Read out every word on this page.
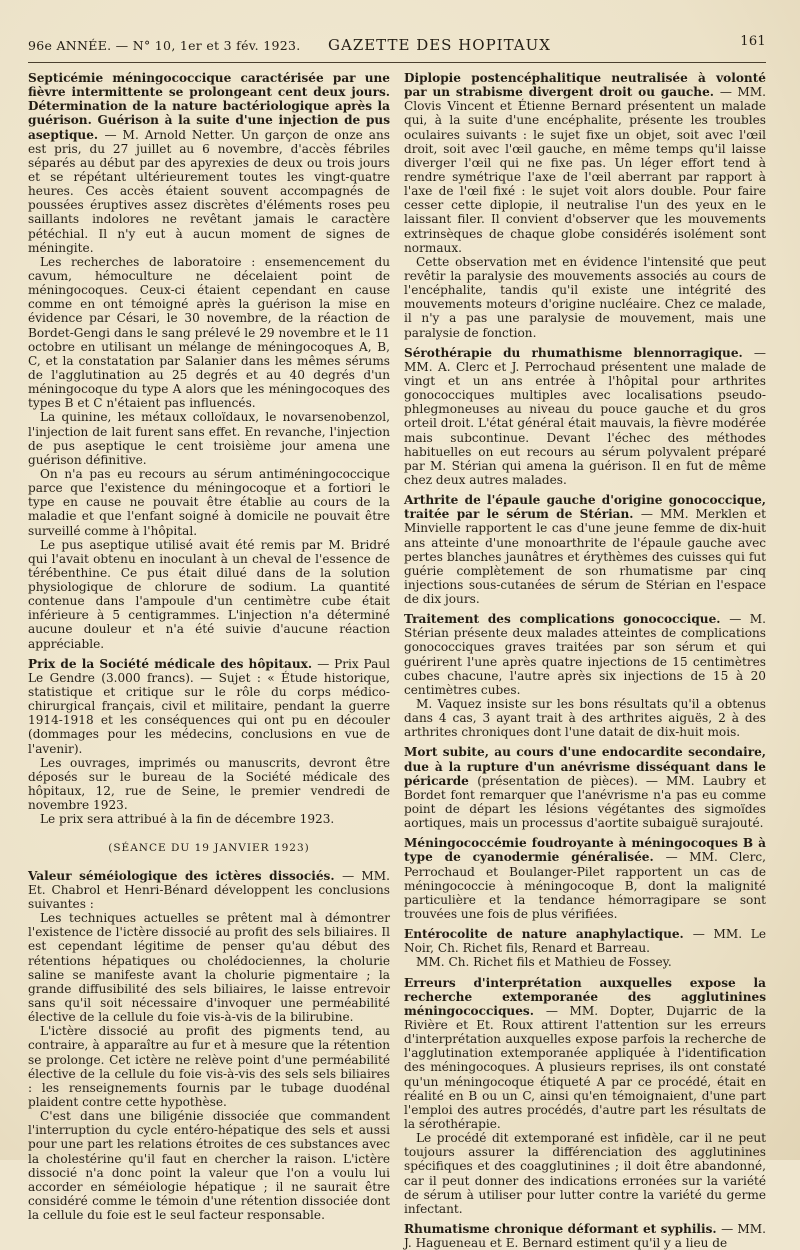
96e ANNÉE. — N° 10, 1er et 3 fév. 1923. GAZETTE DES HOPITAUX	161

Septicémie méningococcique caractérisée par une fièvre intermittente se prolongeant cent deux jours. Détermination de la nature bactériologique après la guérison. Guérison à la suite d'une injection de pus aseptique. — M. Arnold Netter. Un garçon de onze ans est pris, du 27 juillet au 6 novembre, d'accès fébriles séparés au début par des apyrexies de deux ou trois jours et se répétant ultérieurement toutes les vingt-quatre heures. Ces accès étaient souvent accompagnés de poussées éruptives assez discrètes d'éléments roses peu saillants indolores ne revêtant jamais le caractère pétéchial. Il n'y eut à aucun moment de signes de méningite.

Les recherches de laboratoire : ensemencement du cavum, hémoculture ne décelaient point de méningocoques. Ceux-ci étaient cependant en cause comme en ont témoigné après la guérison la mise en évidence par Césari, le 30 novembre, de la réaction de Bordet-Gengi dans le sang prélevé le 29 novembre et le 11 octobre en utilisant un mélange de méningocoques A, B, C, et la constatation par Salanier dans les mêmes sérums de l'agglutination au 25 degrés et au 40 degrés d'un méningocoque du type A alors que les méningocoques des types B et C n'étaient pas influencés.

La quinine, les métaux colloïdaux, le novarsenobenzol, l'injection de lait furent sans effet. En revanche, l'injection de pus aseptique le cent troisième jour amena une guérison définitive.

On n'a pas eu recours au sérum antiméningococcique parce que l'existence du méningocoque et a fortiori le type en cause ne pouvait être établie au cours de la maladie et que l'enfant soigné à domicile ne pouvait être surveillé comme à l'hôpital.

Le pus aseptique utilisé avait été remis par M. Bridré qui l'avait obtenu en inoculant à un cheval de l'essence de térébenthine. Ce pus était dilué dans de la solution physiologique de chlorure de sodium. La quantité contenue dans l'ampoule d'un centimètre cube était inférieure à 5 centigrammes. L'injection n'a déterminé aucune douleur et n'a été suivie d'aucune réaction appréciable.

Prix de la Société médicale des hôpitaux. — Prix Paul Le Gendre (3.000 francs). — Sujet : « Étude historique, statistique et critique sur le rôle du corps médico-chirurgical français, civil et militaire, pendant la guerre 1914-1918 et les conséquences qui ont pu en découler (dommages pour les médecins, conclusions en vue de l'avenir).

Les ouvrages, imprimés ou manuscrits, devront être déposés sur le bureau de la Société médicale des hôpitaux, 12, rue de Seine, le premier vendredi de novembre 1923.

Le prix sera attribué à la fin de décembre 1923.

(SÉANCE DU 19 JANVIER 1923)

Valeur séméiologique des ictères dissociés. — MM. Et. Chabrol et Henri-Bénard développent les conclusions suivantes :

Les techniques actuelles se prêtent mal à démontrer l'existence de l'ictère dissocié au profit des sels biliaires. Il est cependant légitime de penser qu'au début des rétentions hépatiques ou cholédociennes, la cholurie saline se manifeste avant la cholurie pigmentaire ; la grande diffusibilité des sels biliaires, le laisse entrevoir sans qu'il soit nécessaire d'invoquer une perméabilité élective de la cellule du foie vis-à-vis de la bilirubine.

L'ictère dissocié au profit des pigments tend, au contraire, à apparaître au fur et à mesure que la rétention se prolonge. Cet ictère ne relève point d'une perméabilité élective de la cellule du foie vis-à-vis des sels sels biliaires : les renseignements fournis par le tubage duodénal plaident contre cette hypothèse.

C'est dans une biligénie dissociée que commandent l'interruption du cycle entéro-hépatique des sels et aussi pour une part les relations étroites de ces substances avec la cholestérine qu'il faut en chercher la raison. L'ictère dissocié n'a donc point la valeur que l'on a voulu lui accorder en séméiologie hépatique ; il ne saurait être considéré comme le témoin d'une rétention dissociée dont la cellule du foie est le seul facteur responsable.

Diplopie postencéphalitique neutralisée à volonté par un strabisme divergent droit ou gauche. — MM. Clovis Vincent et Étienne Bernard présentent un malade qui, à la suite d'une encéphalite, présente les troubles oculaires suivants : le sujet fixe un objet, soit avec l'œil droit, soit avec l'œil gauche, en même temps qu'il laisse diverger l'œil qui ne fixe pas. Un léger effort tend à rendre symétrique l'axe de l'œil aberrant par rapport à l'axe de l'œil fixé : le sujet voit alors double. Pour faire cesser cette diplopie, il neutralise l'un des yeux en le laissant filer. Il convient d'observer que les mouvements extrinsèques de chaque globe considérés isolément sont normaux.

Cette observation met en évidence l'intensité que peut revêtir la paralysie des mouvements associés au cours de l'encéphalite, tandis qu'il existe une intégrité des mouvements moteurs d'origine nucléaire. Chez ce malade, il n'y a pas une paralysie de mouvement, mais une paralysie de fonction.

Sérothérapie du rhumathisme blennorragique. — MM. A. Clerc et J. Perrochaud présentent une malade de vingt et un ans entrée à l'hôpital pour arthrites gonococciques multiples avec localisations pseudo-phlegmoneuses au niveau du pouce gauche et du gros orteil droit. L'état général était mauvais, la fièvre modérée mais subcontinue. Devant l'échec des méthodes habituelles on eut recours au sérum polyvalent préparé par M. Stérian qui amena la guérison. Il en fut de même chez deux autres malades.

Arthrite de l'épaule gauche d'origine gonococcique, traitée par le sérum de Stérian. — MM. Merklen et Minvielle rapportent le cas d'une jeune femme de dix-huit ans atteinte d'une monoarthrite de l'épaule gauche avec pertes blanches jaunâtres et érythèmes des cuisses qui fut guérie complètement de son rhumatisme par cinq injections sous-cutanées de sérum de Stérian en l'espace de dix jours.

Traitement des complications gonococcique. — M. Stérian présente deux malades atteintes de complications gonococciques graves traitées par son sérum et qui guérirent l'une après quatre injections de 15 centimètres cubes chacune, l'autre après six injections de 15 à 20 centimètres cubes.

M. Vaquez insiste sur les bons résultats qu'il a obtenus dans 4 cas, 3 ayant trait à des arthrites aiguës, 2 à des arthrites chroniques dont l'une datait de dix-huit mois.

Mort subite, au cours d'une endocardite secondaire, due à la rupture d'un anévrisme disséquant dans le péricarde (présentation de pièces). — MM. Laubry et Bordet font remarquer que l'anévrisme n'a pas eu comme point de départ les lésions végétantes des sigmoïdes aortiques, mais un processus d'aortite subaiguë surajouté.

Méningococcémie foudroyante à méningocoques B à type de cyanodermie généralisée. — MM. Clerc, Perrochaud et Boulanger-Pilet rapportent un cas de méningococcie à méningocoque B, dont la malignité particulière et la tendance hémorragipare se sont trouvées une fois de plus vérifiées.

Entérocolite de nature anaphylactique. — MM. Le Noir, Ch. Richet fils, Renard et Barreau.

MM. Ch. Richet fils et Mathieu de Fossey.

Erreurs d'interprétation auxquelles expose la recherche extemporanée des agglutinines méningococciques. — MM. Dopter, Dujarric de la Rivière et Et. Roux attirent l'attention sur les erreurs d'interprétation auxquelles expose parfois la recherche de l'agglutination extemporanée appliquée à l'identification des méningocoques. A plusieurs reprises, ils ont constaté qu'un méningocoque étiqueté A par ce procédé, était en réalité en B ou un C, ainsi qu'en témoignaient, d'une part l'emploi des autres procédés, d'autre part les résultats de la sérothérapie.

Le procédé dit extemporané est infidèle, car il ne peut toujours assurer la différenciation des agglutinines spécifiques et des coagglutinines ; il doit être abandonné, car il peut donner des indications erronées sur la variété de sérum à utiliser pour lutter contre la variété du germe infectant.

Rhumatisme chronique déformant et syphilis. — MM. J. Hagueneau et E. Bernard estiment qu'il y a lieu de
